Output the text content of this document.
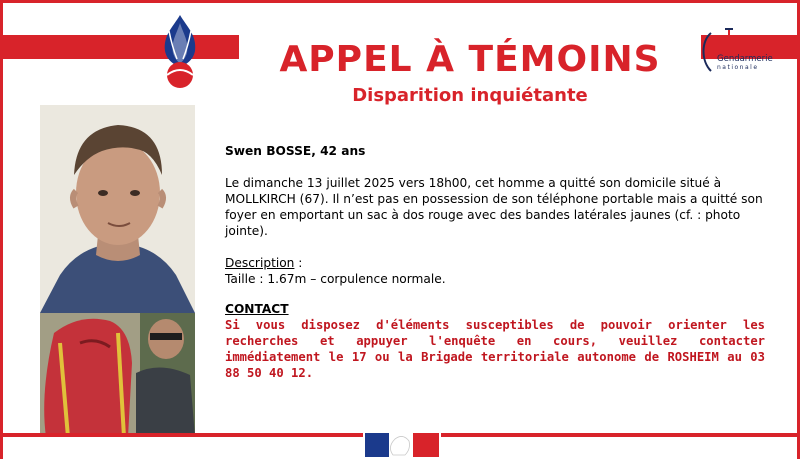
APPEL À TÉMOINS
Disparition inquiétante
Gendarmerie
nationale

Swen BOSSE, 42 ans

Le dimanche 13 juillet 2025 vers 18h00, cet homme a quitté son domicile situé à MOLLKIRCH (67). Il n’est pas en possession de son téléphone portable mais a quitté son foyer en emportant un sac à dos rouge avec des bandes latérales jaunes (cf. : photo jointe).

Description :
Taille : 1.67m – corpulence normale.

CONTACT

Si vous disposez d'éléments susceptibles de pouvoir orienter les recherches et appuyer l'enquête en cours, veuillez contacter immédiatement le 17 ou la Brigade territoriale autonome de ROSHEIM au 03 88 50 40 12.
